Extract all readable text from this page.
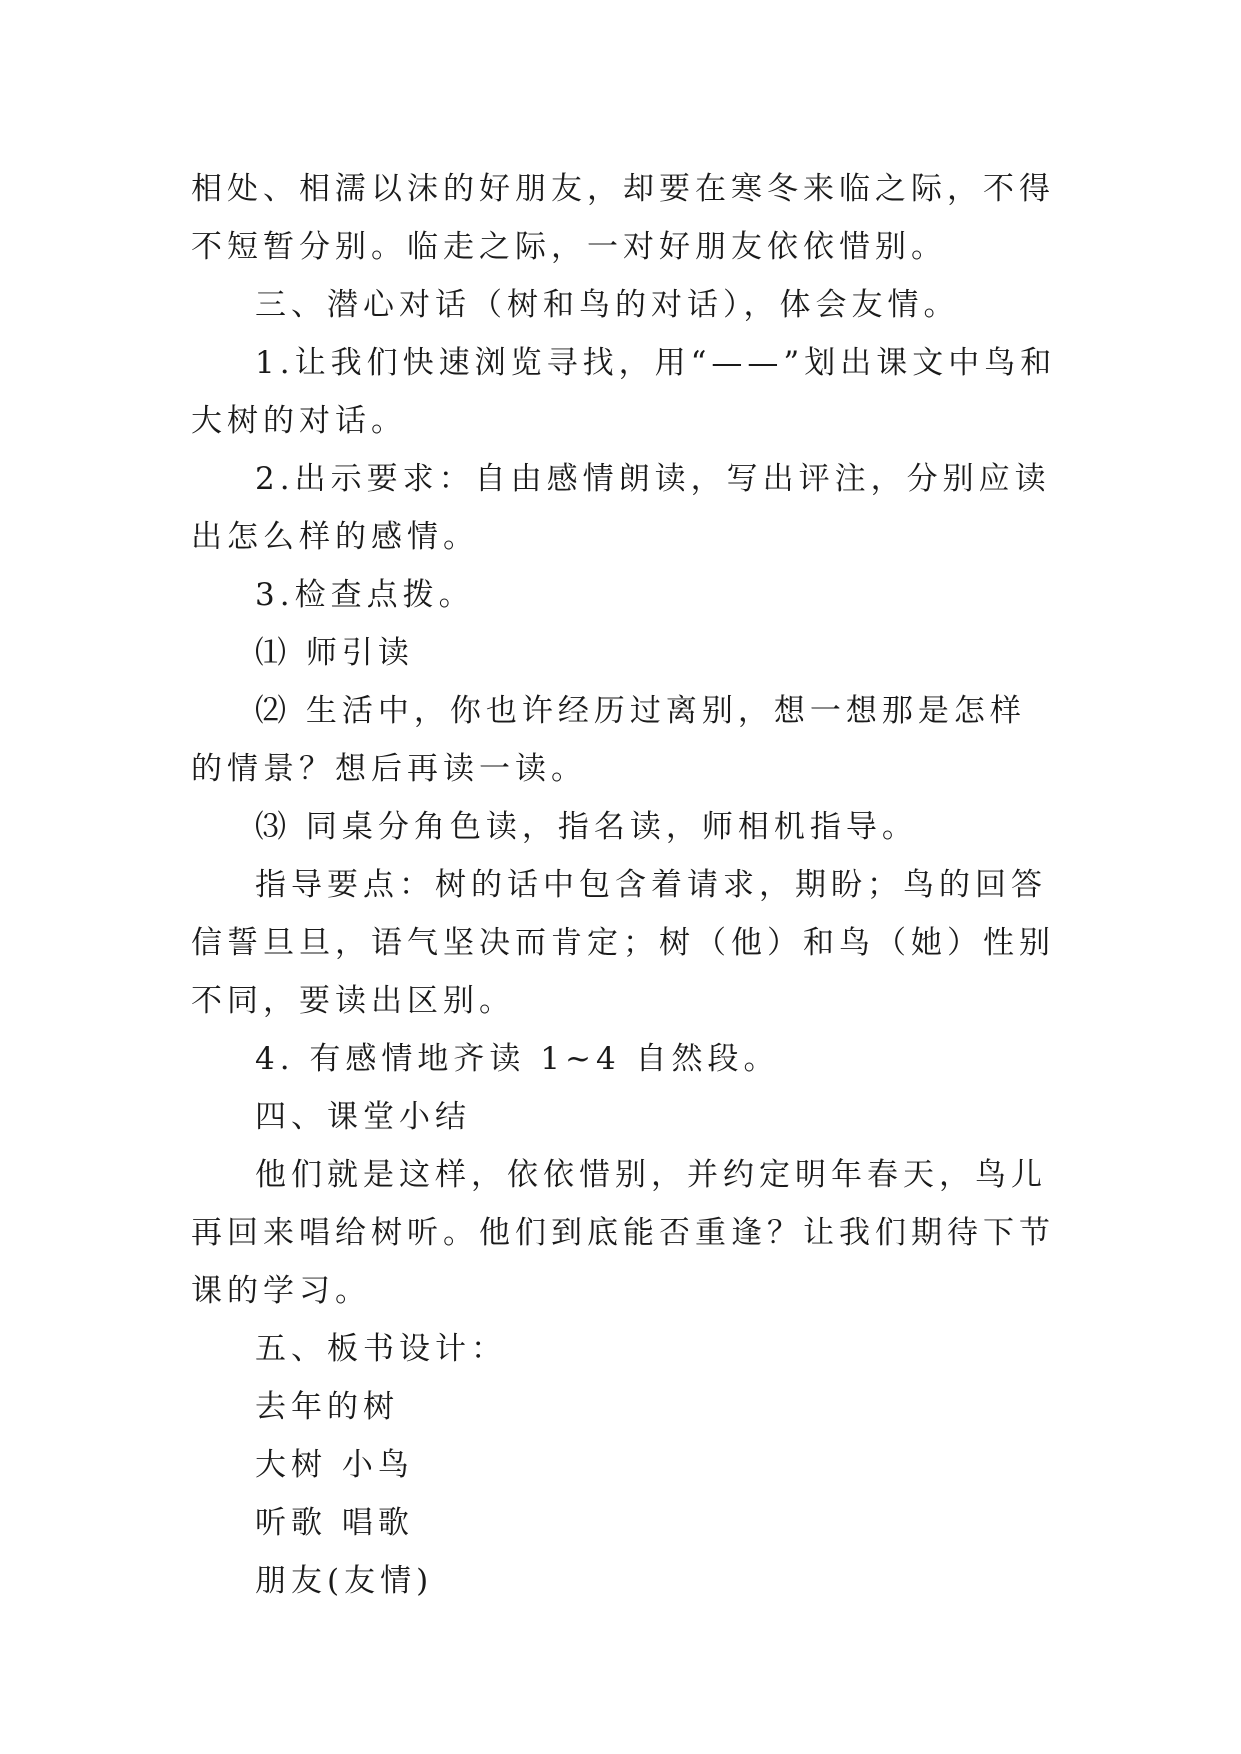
相处、相濡以沫的好朋友，却要在寒冬来临之际，不得不短暂分别。临走之际，一对好朋友依依惜别。

三、潜心对话（树和鸟的对话），体会友情。

1.让我们快速浏览寻找，用“——”划出课文中鸟和大树的对话。

2.出示要求：自由感情朗读，写出评注，分别应读出怎么样的感情。

3.检查点拨。

⑴ 师引读

⑵ 生活中，你也许经历过离别，想一想那是怎样的情景？想后再读一读。

⑶ 同桌分角色读，指名读，师相机指导。

指导要点：树的话中包含着请求，期盼；鸟的回答信誓旦旦，语气坚决而肯定；树（他）和鸟（她）性别不同，要读出区别。

4. 有感情地齐读 1~4 自然段。

四、课堂小结

他们就是这样，依依惜别，并约定明年春天，鸟儿再回来唱给树听。他们到底能否重逢？让我们期待下节课的学习。

五、板书设计：

去年的树

大树 小鸟

听歌 唱歌

朋友(友情)
